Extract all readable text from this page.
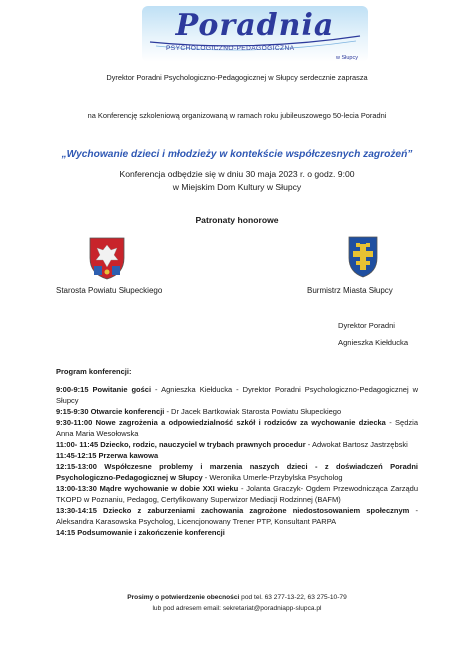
Poradnia
PSYCHOLOGICZNO-PEDAGOGICZNA
w Słupcy
Dyrektor Poradni Psychologiczno-Pedagogicznej w Słupcy serdecznie zaprasza
na Konferencję szkoleniową organizowaną w ramach roku jubileuszowego 50-lecia Poradni
„Wychowanie dzieci i młodzieży w kontekście współczesnych zagrożeń”
Konferencja odbędzie się w dniu 30 maja 2023 r. o godz. 9:00
w Miejskim Dom Kultury w Słupcy
Patronaty honorowe
Starosta Powiatu Słupeckiego	Burmistrz Miasta Słupcy
Dyrektor Poradni
Agnieszka Kiełducka

Program konferencji:

9:00-9:15 Powitanie gości - Agnieszka Kiełducka - Dyrektor Poradni Psychologiczno-Pedagogicznej w Słupcy

9:15-9:30 Otwarcie konferencji - Dr Jacek Bartkowiak Starosta Powiatu Słupeckiego

9:30-11:00 Nowe zagrożenia a odpowiedzialność szkół i rodziców za wychowanie dziecka - Sędzia Anna Maria Wesołowska

11:00- 11:45 Dziecko, rodzic, nauczyciel w trybach prawnych procedur - Adwokat Bartosz Jastrzębski

11:45-12:15 Przerwa kawowa

12:15-13:00 Współczesne problemy i marzenia naszych dzieci - z doświadczeń Poradni Psychologiczno-Pedagogicznej w Słupcy - Weronika Umerle-Przybylska Psycholog

13:00-13:30 Mądre wychowanie w dobie XXI wieku - Jolanta Graczyk- Ogdem Przewodnicząca Zarządu TKOPD w Poznaniu, Pedagog, Certyfikowany Superwizor Mediacji Rodzinnej (BAFM)

13:30-14:15 Dziecko z zaburzeniami zachowania zagrożone niedostosowaniem społecznym - Aleksandra Karasowska Psycholog, Licencjonowany Trener PTP, Konsultant PARPA

14:15 Podsumowanie i zakończenie konferencji

Prosimy o potwierdzenie obecności pod tel. 63 277-13-22, 63 275-10-79
lub pod adresem email: sekretariat@poradniapp-slupca.pl
